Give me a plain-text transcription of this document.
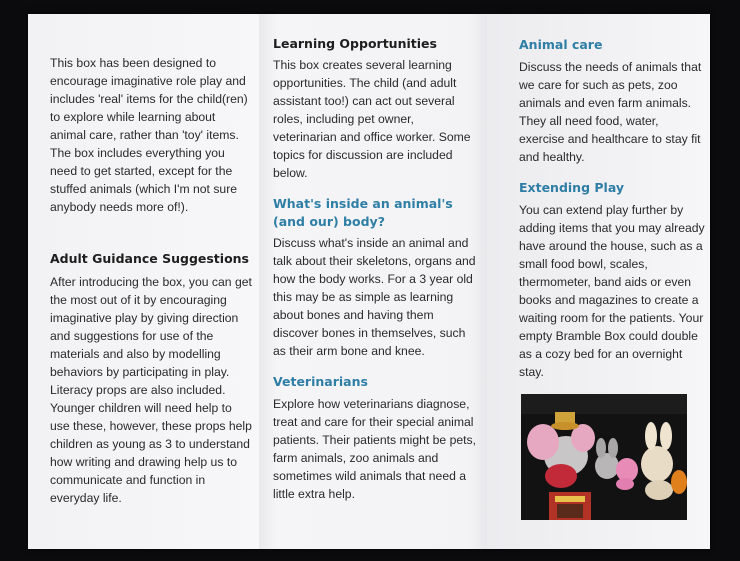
This box has been designed to encourage imaginative role play and includes 'real' items for the child(ren) to explore while learning about animal care, rather than 'toy' items. The box includes everything you need to get started, except for the stuffed animals (which I'm not sure anybody needs more of!).

Adult Guidance Suggestions

After introducing the box, you can get the most out of it by encouraging imaginative play by giving direction and suggestions for use of the materials and also by modelling behaviors by participating in play. Literacy props are also included. Younger children will need help to use these, however, these props help children as young as 3 to understand how writing and drawing help us to communicate and function in everyday life.

Learning Opportunities

This box creates several learning opportunities. The child (and adult assistant too!) can act out several roles, including pet owner, veterinarian and office worker. Some topics for discussion are included below.

What's inside an animal's (and our) body?

Discuss what's inside an animal and talk about their skeletons, organs and how the body works. For a 3 year old this may be as simple as learning about bones and having them discover bones in themselves, such as their arm bone and knee.

Veterinarians

Explore how veterinarians diagnose, treat and care for their special animal patients. Their patients might be pets, farm animals, zoo animals and sometimes wild animals that need a little extra help.

Animal care

Discuss the needs of animals that we care for such as pets, zoo animals and even farm animals. They all need food, water, exercise and healthcare to stay fit and healthy.

Extending Play

You can extend play further by adding items that you may already have around the house, such as a small food bowl, scales, thermometer, band aids or even books and magazines to create a waiting room for the patients. Your empty Bramble Box could double as a cozy bed for an overnight stay.
